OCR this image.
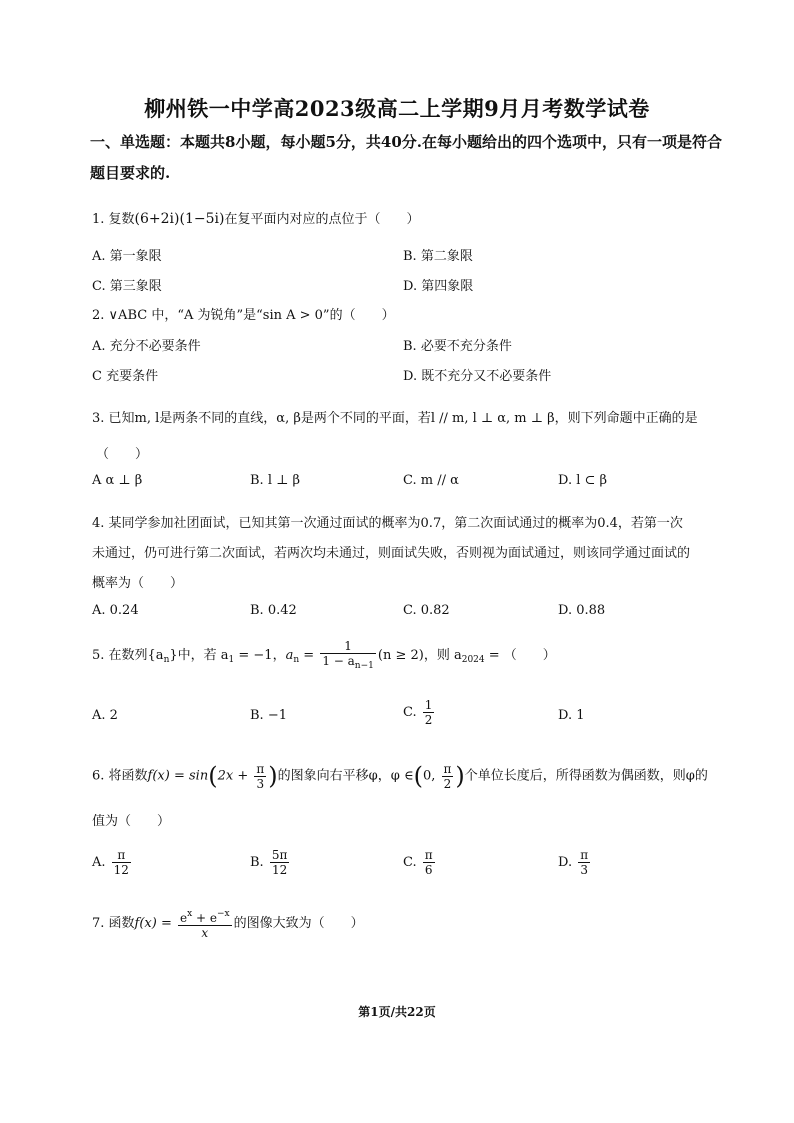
柳州铁一中学高2023级高二上学期9月月考数学试卷
一、单选题：本题共8小题，每小题5分，共40分.在每小题给出的四个选项中，只有一项是符合题目要求的.
1. 复数(6+2i)(1−5i)在复平面内对应的点位于（　　）
A. 第一象限	B. 第二象限
C. 第三象限	D. 第四象限
2. ∨ABC 中，“A 为锐角”是“sin A > 0”的（　　）
A. 充分不必要条件	B. 必要不充分条件
C 充要条件	D. 既不充分又不必要条件
3. 已知m, l是两条不同的直线，α, β是两个不同的平面，若l // m, l ⊥ α, m ⊥ β，则下列命题中正确的是
（　　）
A α ⊥ β	B. l ⊥ β	C. m // α	D. l ⊂ β
4. 某同学参加社团面试，已知其第一次通过面试的概率为0.7，第二次面试通过的概率为0.4，若第一次
未通过，仍可进行第二次面试，若两次均未通过，则面试失败，否则视为面试通过，则该同学通过面试的
概率为（　　）
A. 0.24	B. 0.42	C. 0.82	D. 0.88
5. 在数列$\{a_n\}$中，若 $a_1 = -1$，$a_n = \frac{1}{1 - a_{n-1}} (n \ge 2)$，则 $a_{2024}$ = （　　）
A. 2	B. −1	C. $\frac{1}{2}$	D. 1
6. 将函数$f(x) = \sin(2x + \frac{\pi}{3}$ )的图象向右平移φ，φ ∈(0, $\frac{\pi}{2}$ )个单位长度后，所得函数为偶函数，则φ的
值为（　　）
A. $\frac{\pi}{12}$	B. $\frac{5\pi}{12}$	C. $\frac{\pi}{6}$	D. $\frac{\pi}{3}$
7. 函数$f(x) = \frac{e^x + e^{-x}}{x}$ 的图像大致为（　　）
第1页/共22页
